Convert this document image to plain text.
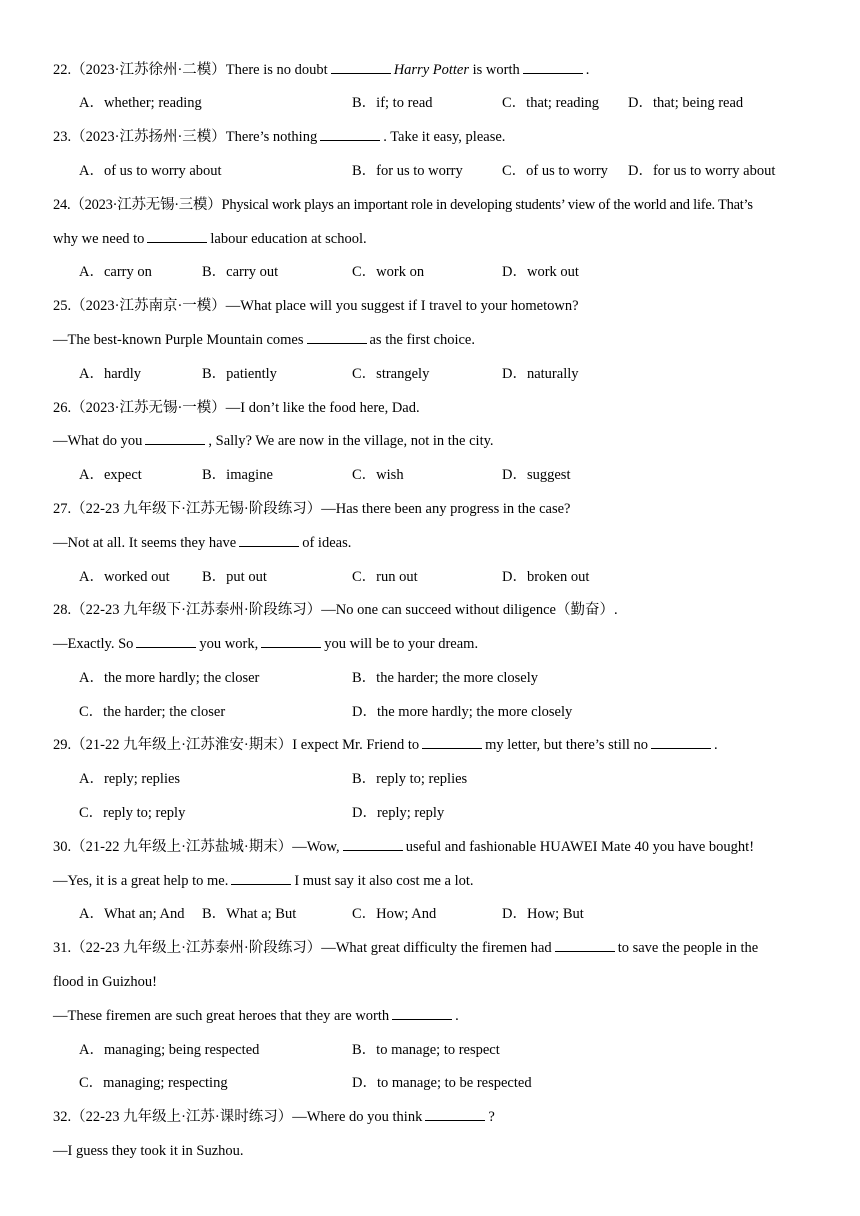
22.（2023·江苏徐州·二模）There is no doubt	Harry Potter is worth	.
A．whether; reading	B．if; to read	C．that; reading D．that; being read
23.（2023·江苏扬州·三模）There’s nothing	. Take it easy, please.
A．of us to worry about	B．for us to worry	C．of us to worry D．for us to worry about
24.（2023·江苏无锡·三模）Physical work plays an important role in developing students’ view of the world and life. That’s
why we need to	labour education at school.
A．carry on	B．carry out	C．work on	D．work out
25.（2023·江苏南京·一模）—What place will you suggest if I travel to your hometown?
—The best-known Purple Mountain comes	as the first choice.
A．hardly	B．patiently	C．strangely	D．naturally
26.（2023·江苏无锡·一模）—I don’t like the food here, Dad.
—What do you	, Sally? We are now in the village, not in the city.
A．expect	B．imagine	C．wish	D．suggest
27.（22-23 九年级下·江苏无锡·阶段练习）—Has there been any progress in the case?
—Not at all. It seems they have	of ideas.
A．worked out B．put out	C．run out	D．broken out
28.（22-23 九年级下·江苏泰州·阶段练习）—No one can succeed without diligence（勤奋）.
—Exactly. So	you work,	you will be to your dream.
A．the more hardly; the closer	B．the harder; the more closely
C．the harder; the closer	D．the more hardly; the more closely
29.（21-22 九年级上·江苏淮安·期末）I expect Mr. Friend to	my letter, but there’s still no	.
A．reply; replies	B．reply to; replies
C．reply to; reply	D．reply; reply
30.（21-22 九年级上·江苏盐城·期末）—Wow,	useful and fashionable HUAWEI Mate 40 you have bought!
—Yes, it is a great help to me.	I must say it also cost me a lot.
A．What an; And B．What a; But	C．How; And	D．How; But
31.（22-23 九年级上·江苏泰州·阶段练习）—What great difficulty the firemen had	to save the people in the
flood in Guizhou!
—These firemen are such great heroes that they are worth	.
A．managing; being respected	B．to manage; to respect
C．managing; respecting	D．to manage; to be respected
32.（22-23 九年级上·江苏·课时练习）—Where do you think	?
—I guess they took it in Suzhou.
